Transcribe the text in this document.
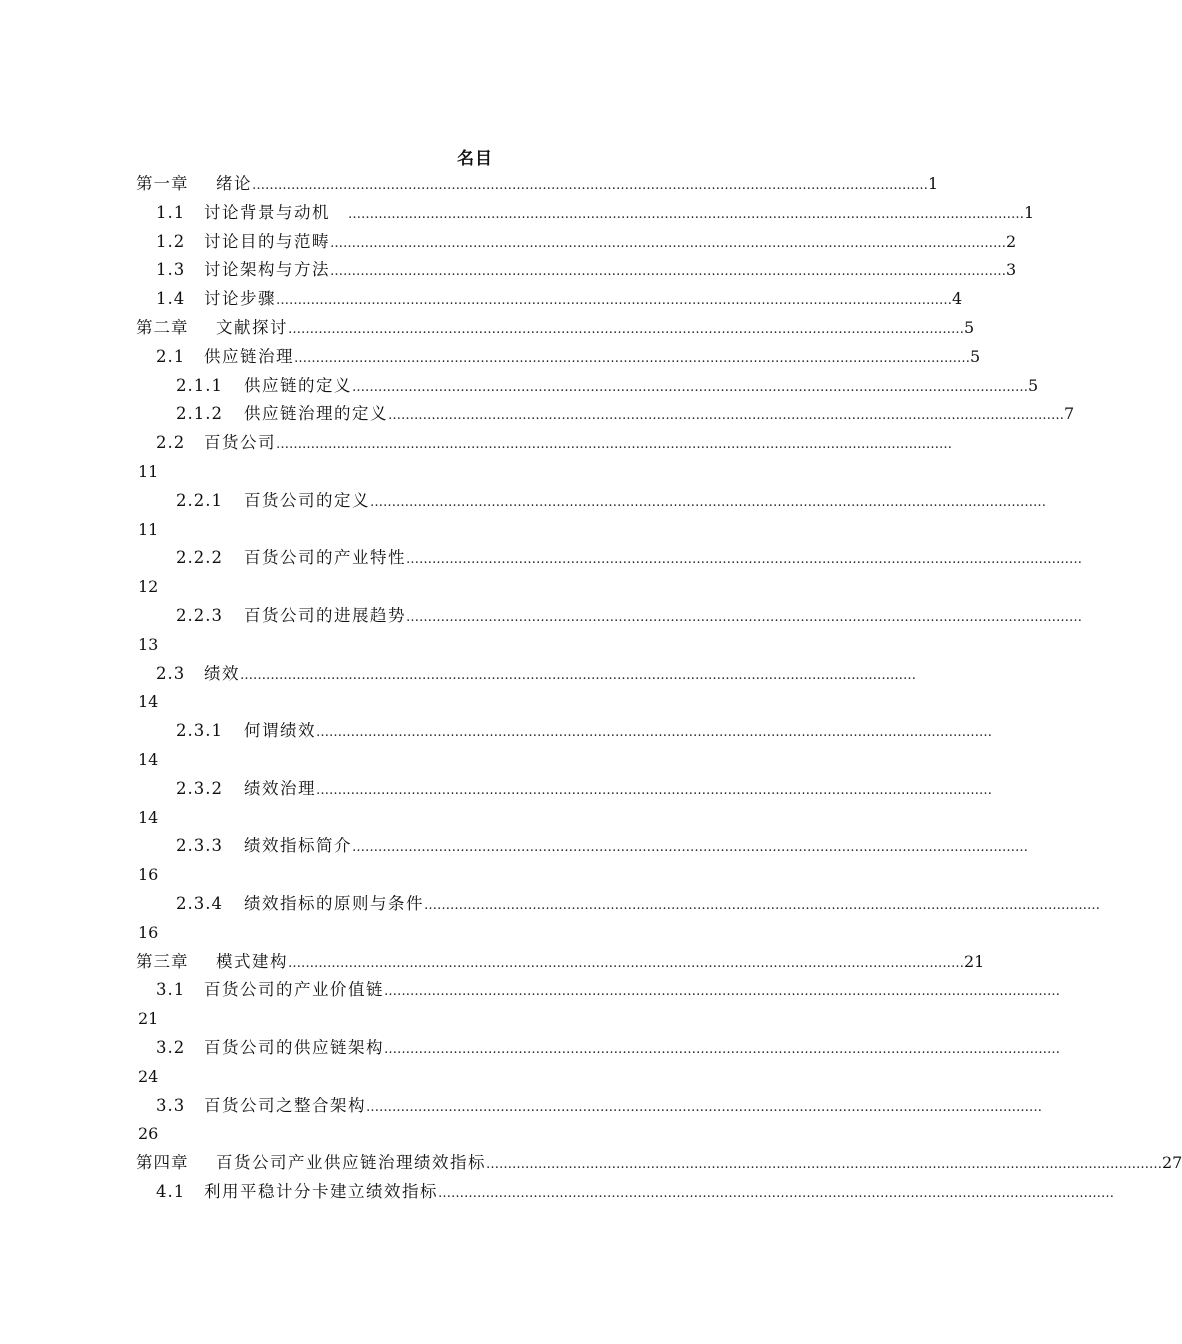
名目
第一章	绪论 ………………………………………………………………………………………………………………………………………… 1
1.1	讨论背景与动机　 ………………………………………………………………………………………………………………………………………… 1
1.2	讨论目的与范畴 ………………………………………………………………………………………………………………………………………… 2
1.3	讨论架构与方法 ………………………………………………………………………………………………………………………………………… 3
1.4	讨论步骤 ………………………………………………………………………………………………………………………………………… 4
第二章	文献探讨 ………………………………………………………………………………………………………………………………………… 5
2.1	供应链治理 ………………………………………………………………………………………………………………………………………… 5
2.1.1	供应链的定义 ………………………………………………………………………………………………………………………………………… 5
2.1.2	供应链治理的定义 ………………………………………………………………………………………………………………………………………… 7
2.2	百货公司 …………………………………………………………………………………………………………………………………………
11
2.2.1	百货公司的定义 …………………………………………………………………………………………………………………………………………
11
2.2.2	百货公司的产业特性 …………………………………………………………………………………………………………………………………………
12
2.2.3	百货公司的进展趋势 …………………………………………………………………………………………………………………………………………
13
2.3	绩效 …………………………………………………………………………………………………………………………………………
14
2.3.1	何谓绩效 …………………………………………………………………………………………………………………………………………
14
2.3.2	绩效治理 …………………………………………………………………………………………………………………………………………
14
2.3.3	绩效指标简介 …………………………………………………………………………………………………………………………………………
16
2.3.4	绩效指标的原则与条件 …………………………………………………………………………………………………………………………………………
16
第三章	模式建构 ………………………………………………………………………………………………………………………………………… 21
3.1	百货公司的产业价值链 …………………………………………………………………………………………………………………………………………
21
3.2	百货公司的供应链架构 …………………………………………………………………………………………………………………………………………
24
3.3	百货公司之整合架构 …………………………………………………………………………………………………………………………………………
26
第四章	百货公司产业供应链治理绩效指标 ………………………………………………………………………………………………………………………………………… 27
4.1	利用平稳计分卡建立绩效指标 …………………………………………………………………………………………………………………………………………
